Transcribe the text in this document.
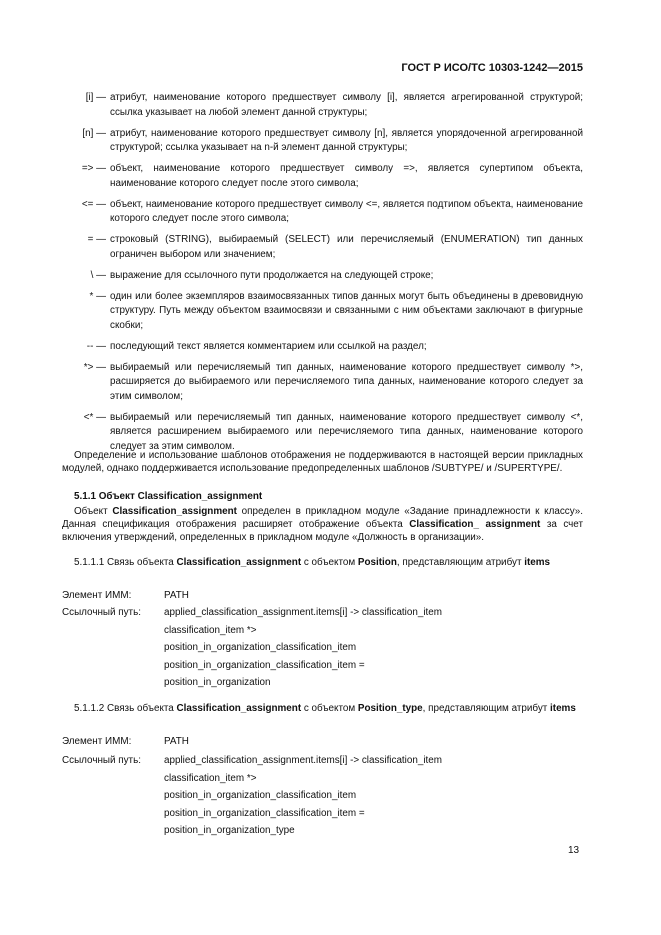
ГОСТ Р ИСО/ТС 10303-1242—2015
[i] — атрибут, наименование которого предшествует символу [i], является агрегированной структурой; ссылка указывает на любой элемент данной структуры;
[n] — атрибут, наименование которого предшествует символу [n], является упорядоченной агрегированной структурой; ссылка указывает на n-й элемент данной структуры;
=> — объект, наименование которого предшествует символу =>, является супертипом объекта, наименование которого следует после этого символа;
<= — объект, наименование которого предшествует символу <=, является подтипом объекта, наименование которого следует после этого символа;
= — строковый (STRING), выбираемый (SELECT) или перечисляемый (ENUMERATION) тип данных ограничен выбором или значением;
\ — выражение для ссылочного пути продолжается на следующей строке;
* — один или более экземпляров взаимосвязанных типов данных могут быть объединены в древовидную структуру. Путь между объектом взаимосвязи и связанными с ним объектами заключают в фигурные скобки;
-- — последующий текст является комментарием или ссылкой на раздел;
*> — выбираемый или перечисляемый тип данных, наименование которого предшествует символу *>, расширяется до выбираемого или перечисляемого типа данных, наименование которого следует за этим символом;
<* — выбираемый или перечисляемый тип данных, наименование которого предшествует символу <*, является расширением выбираемого или перечисляемого типа данных, наименование которого следует за этим символом.
Определение и использование шаблонов отображения не поддерживаются в настоящей версии прикладных модулей, однако поддерживается использование предопределенных шаблонов /SUBTYPE/ и /SUPERTYPE/.
5.1.1 Объект Classification_assignment
Объект Classification_assignment определен в прикладном модуле «Задание принадлежности к классу». Данная спецификация отображения расширяет отображение объекта Classification_ assignment за счет включения утверждений, определенных в прикладном модуле «Должность в организации».
5.1.1.1 Связь объекта Classification_assignment с объектом Position, представляющим атрибут items
Элемент ИММ:	PATH
Ссылочный путь: applied_classification_assignment.items[i] -> classification_item
classification_item *>
position_in_organization_classification_item
position_in_organization_classification_item =
position_in_organization
5.1.1.2 Связь объекта Classification_assignment с объектом Position_type, представляющим атрибут items
Элемент ИММ:	PATH
Ссылочный путь: applied_classification_assignment.items[i] -> classification_item
classification_item *>
position_in_organization_classification_item
position_in_organization_classification_item =
position_in_organization_type
13
